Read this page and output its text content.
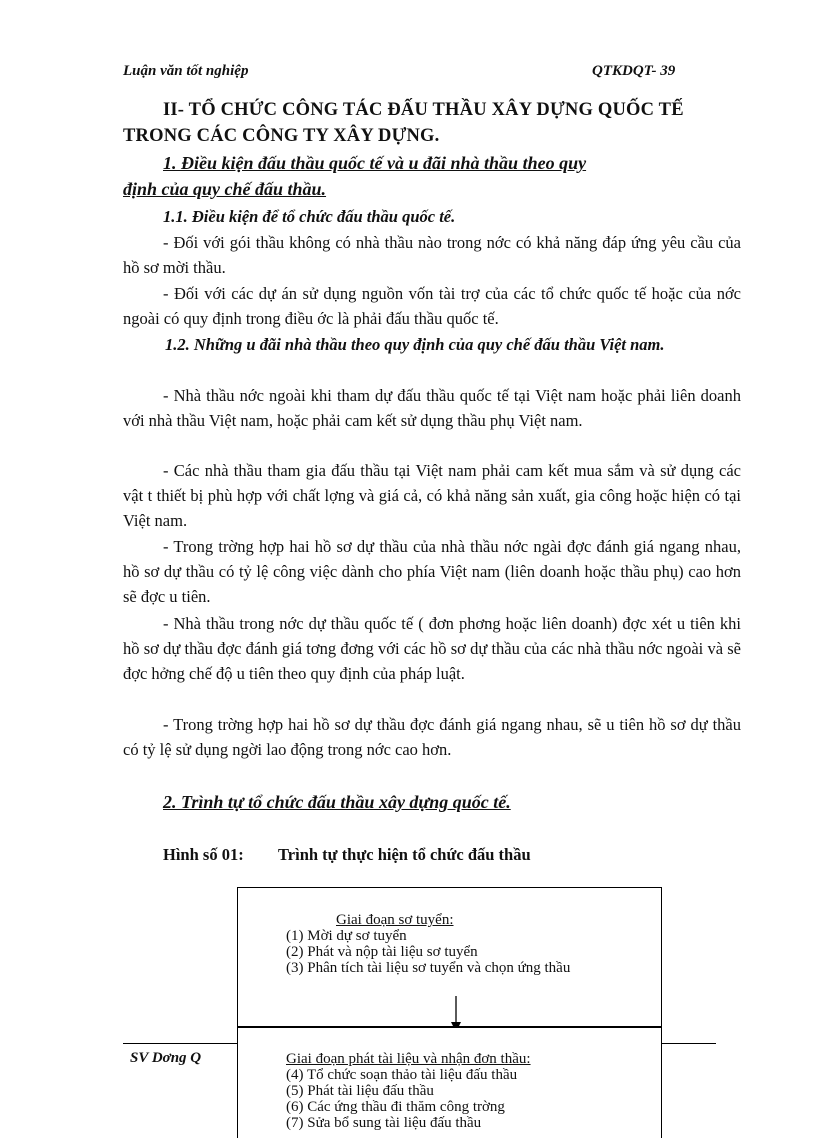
Luận văn tốt nghiệp	QTKDQT- 39
II- TỔ CHỨC CÔNG TÁC ĐẤU THẦU XÂY DỰNG QUỐC TẾ
TRONG CÁC CÔNG TY XÂY DỰNG.
1. Điều kiện đấu thầu quốc tế và u đãi nhà thầu theo quy
định của quy chế đấu thầu.
1.1. Điều kiện để tổ chức đấu thầu quốc tế.
- Đối với gói thầu không có nhà thầu nào trong nớc có khả năng đáp ứng yêu cầu của hồ sơ mời thầu.
- Đối với các dự án sử dụng nguồn vốn tài trợ của các tổ chức quốc tế hoặc của nớc ngoài có quy định trong điều ớc là phải đấu thầu quốc tế.
1.2. Những u đãi nhà thầu theo quy định của quy chế đấu thầu Việt nam.
- Nhà thầu nớc ngoài khi tham dự đấu thầu quốc tế tại Việt nam hoặc phải liên doanh với nhà thầu Việt nam, hoặc phải cam kết sử dụng thầu phụ Việt nam.
- Các nhà thầu tham gia đấu thầu tại Việt nam phải cam kết mua sắm và sử dụng các vật t thiết bị phù hợp với chất lợng và giá cả, có khả năng sản xuất, gia công hoặc hiện có tại Việt nam.
- Trong trờng hợp hai hồ sơ dự thầu của nhà thầu nớc ngài đợc đánh giá ngang nhau, hồ sơ dự thầu có tỷ lệ công việc dành cho phía Việt nam (liên doanh hoặc thầu phụ) cao hơn sẽ đợc u tiên.
- Nhà thầu trong nớc dự thầu quốc tế ( đơn phơng hoặc liên doanh) đợc xét u tiên khi hồ sơ dự thầu đợc đánh giá tơng đơng với các hồ sơ dự thầu của các nhà thầu nớc ngoài và sẽ đợc hởng chế độ u tiên theo quy định của pháp luật.
- Trong trờng hợp hai hồ sơ dự thầu đợc đánh giá ngang nhau, sẽ u tiên hồ sơ dự thầu có tỷ lệ sử dụng ngời lao động trong nớc cao hơn.
2. Trình tự tổ chức đấu thầu xây dựng quốc tế.
Hình số 01: Trình tự thực hiện tổ chức đấu thầu
SV Dơng Q
Giai đoạn sơ tuyển:
(1) Mời dự sơ tuyển
(2) Phát và nộp tài liệu sơ tuyển
(3) Phân tích tài liệu sơ tuyển và chọn ứng thầu
Giai đoạn phát tài liệu và nhận đơn thầu:
(4) Tổ chức soạn thảo tài liệu đấu thầu
(5) Phát tài liệu đấu thầu
(6) Các ứng thầu đi thăm công trờng
(7) Sửa bổ sung tài liệu đấu thầu
